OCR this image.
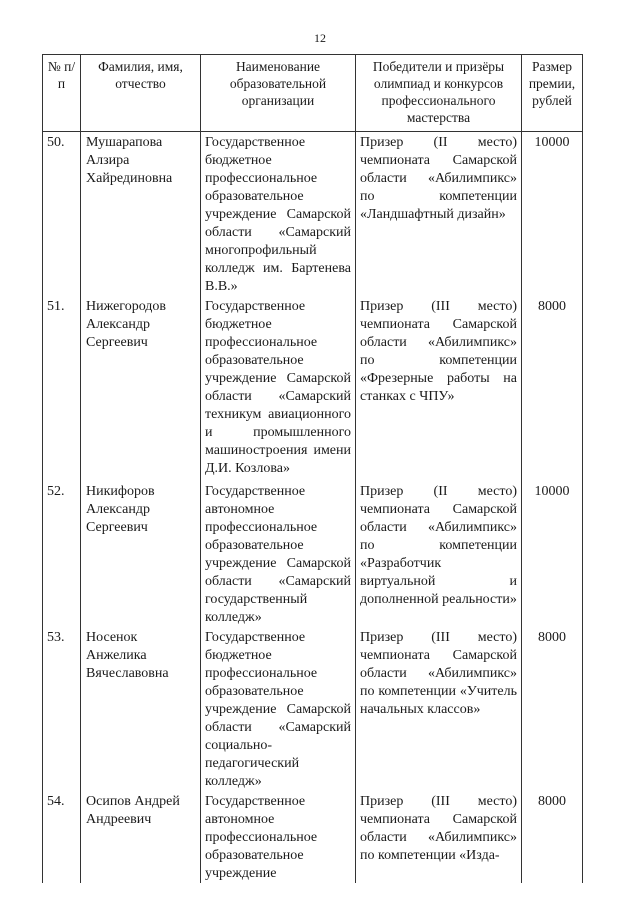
12
№ п/п	Фамилия, имя, отчество	Наименование образовательной организации	Победители и призёры олимпиад и конкурсов профессионального мастерства	Размер премии, рублей
50.	Мушарапова Алзира Хайрединовна	Государственное бюджетное профессиональное образовательное учреждение Самарской области «Самарский многопрофильный колледж им. Бартенева В.В.»	Призер (II место) чемпионата Самарской области «Абилимпикс» по компетенции «Ландшафтный дизайн»	10000
51.	Нижегородов Александр Сергеевич	Государственное бюджетное профессиональное образовательное учреждение Самарской области «Самарский техникум авиационного и промышленного машиностроения имени Д.И. Козлова»	Призер (III место) чемпионата Самарской области «Абилимпикс» по компетенции «Фрезерные работы на станках с ЧПУ»	8000
52.	Никифоров Александр Сергеевич	Государственное автономное профессиональное образовательное учреждение Самарской области «Самарский государственный колледж»	Призер (II место) чемпионата Самарской области «Абилимпикс» по компетенции «Разработчик виртуальной и дополненной реальности»	10000
53.	Носенок Анжелика Вячеславовна	Государственное бюджетное профессиональное образовательное учреждение Самарской области «Самарский социально-педагогический колледж»	Призер (III место) чемпионата Самарской области «Абилимпикс» по компетенции «Учитель начальных классов»	8000
54.	Осипов Андрей Андреевич	Государственное автономное профессиональное образовательное учреждение	Призер (III место) чемпионата Самарской области «Абилимпикс» по компетенции «Изда-	8000
